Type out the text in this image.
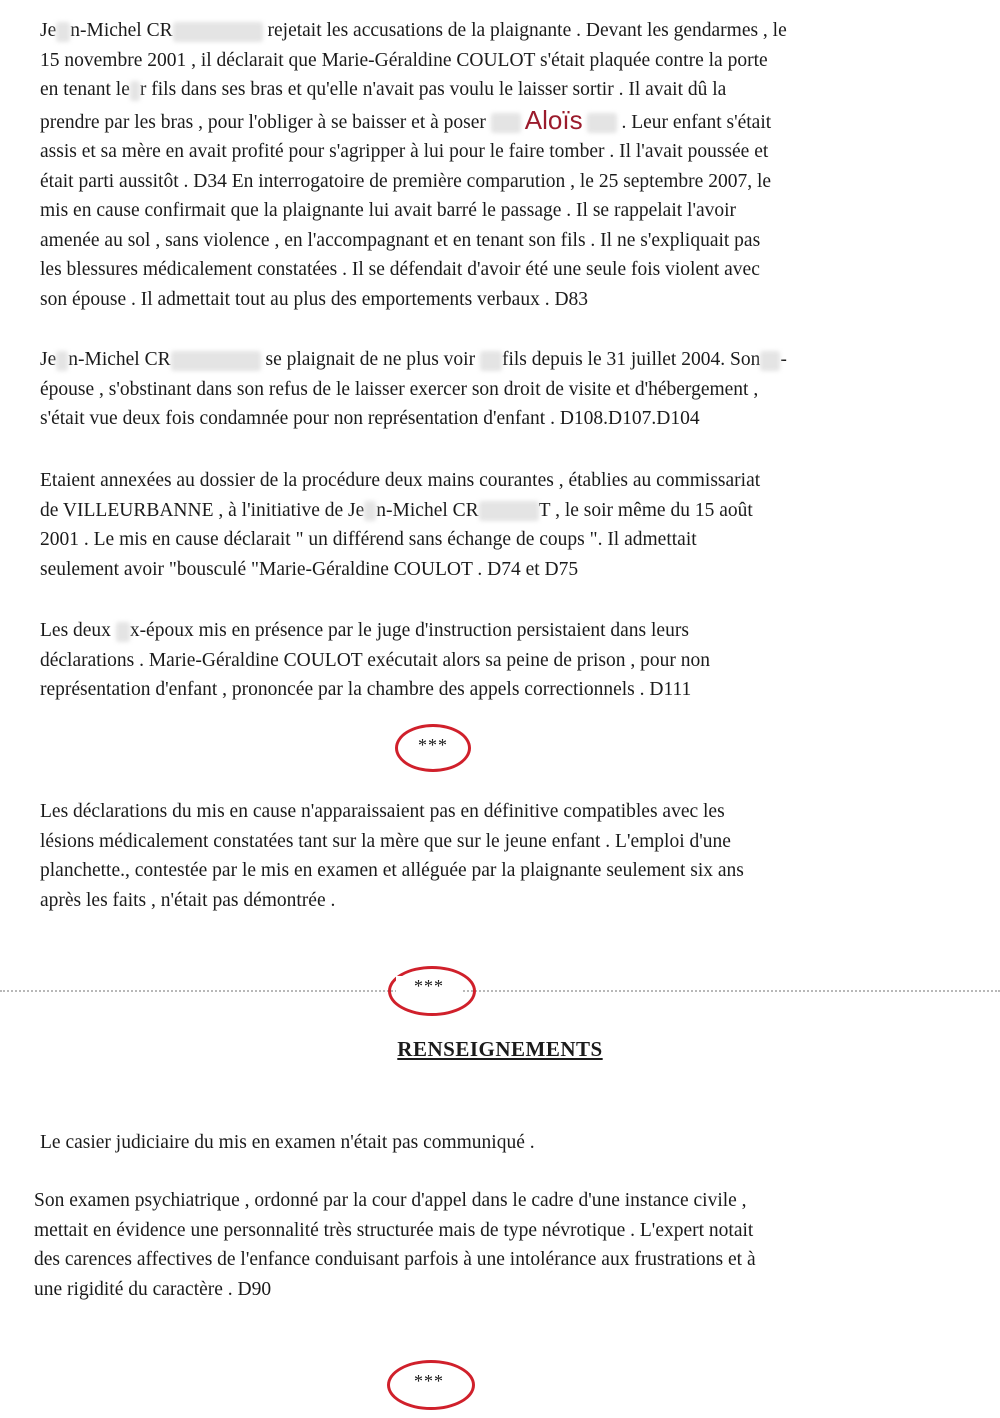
Je n-Michel CR	rejetait les accusations de la plaignante . Devant les gendarmes , le
15 novembre 2001 , il déclarait que Marie-Géraldine COULOT s'était plaquée contre la porte
en tenant le r fils dans ses bras et qu'elle n'avait pas voulu le laisser sortir . Il avait dû la
prendre par les bras , pour l'obliger à se baisser et à poser Aloïs . Leur enfant s'était
assis et sa mère en avait profité pour s'agripper à lui pour le faire tomber . Il l'avait poussée et
était parti aussitôt . D34 En interrogatoire de première comparution , le 25 septembre 2007, le
mis en cause confirmait que la plaignante lui avait barré le passage . Il se rappelait l'avoir
amenée au sol , sans violence , en l'accompagnant et en tenant son fils . Il ne s'expliquait pas
les blessures médicalement constatées . Il se défendait d'avoir été une seule fois violent avec
son épouse . Il admettait tout au plus des emportements verbaux . D83
Je n-Michel CR	se plaignait de ne plus voir fils depuis le 31 juillet 2004. Son -
épouse , s'obstinant dans son refus de le laisser exercer son droit de visite et d'hébergement ,
s'était vue deux fois condamnée pour non représentation d'enfant . D108.D107.D104
Etaient annexées au dossier de la procédure deux mains courantes , établies au commissariat
de VILLEURBANNE , à l'initiative de Je n-Michel CR	T , le soir même du 15 août
2001 . Le mis en cause déclarait " un différend sans échange de coups ". Il admettait
seulement avoir "bousculé "Marie-Géraldine COULOT . D74 et D75
Les deux x-époux mis en présence par le juge d'instruction persistaient dans leurs
déclarations . Marie-Géraldine COULOT exécutait alors sa peine de prison , pour non
représentation d'enfant , prononcée par la chambre des appels correctionnels . D111
***
Les déclarations du mis en cause n'apparaissaient pas en définitive compatibles avec les
lésions médicalement constatées tant sur la mère que sur le jeune enfant . L'emploi d'une
planchette., contestée par le mis en examen et alléguée par la plaignante seulement six ans
après les faits , n'était pas démontrée .
***
RENSEIGNEMENTS
Le casier judiciaire du mis en examen n'était pas communiqué .
Son examen psychiatrique , ordonné par la cour d'appel dans le cadre d'une instance civile ,
mettait en évidence une personnalité très structurée mais de type névrotique . L'expert notait
des carences affectives de l'enfance conduisant parfois à une intolérance aux frustrations et à
une rigidité du caractère . D90
***
